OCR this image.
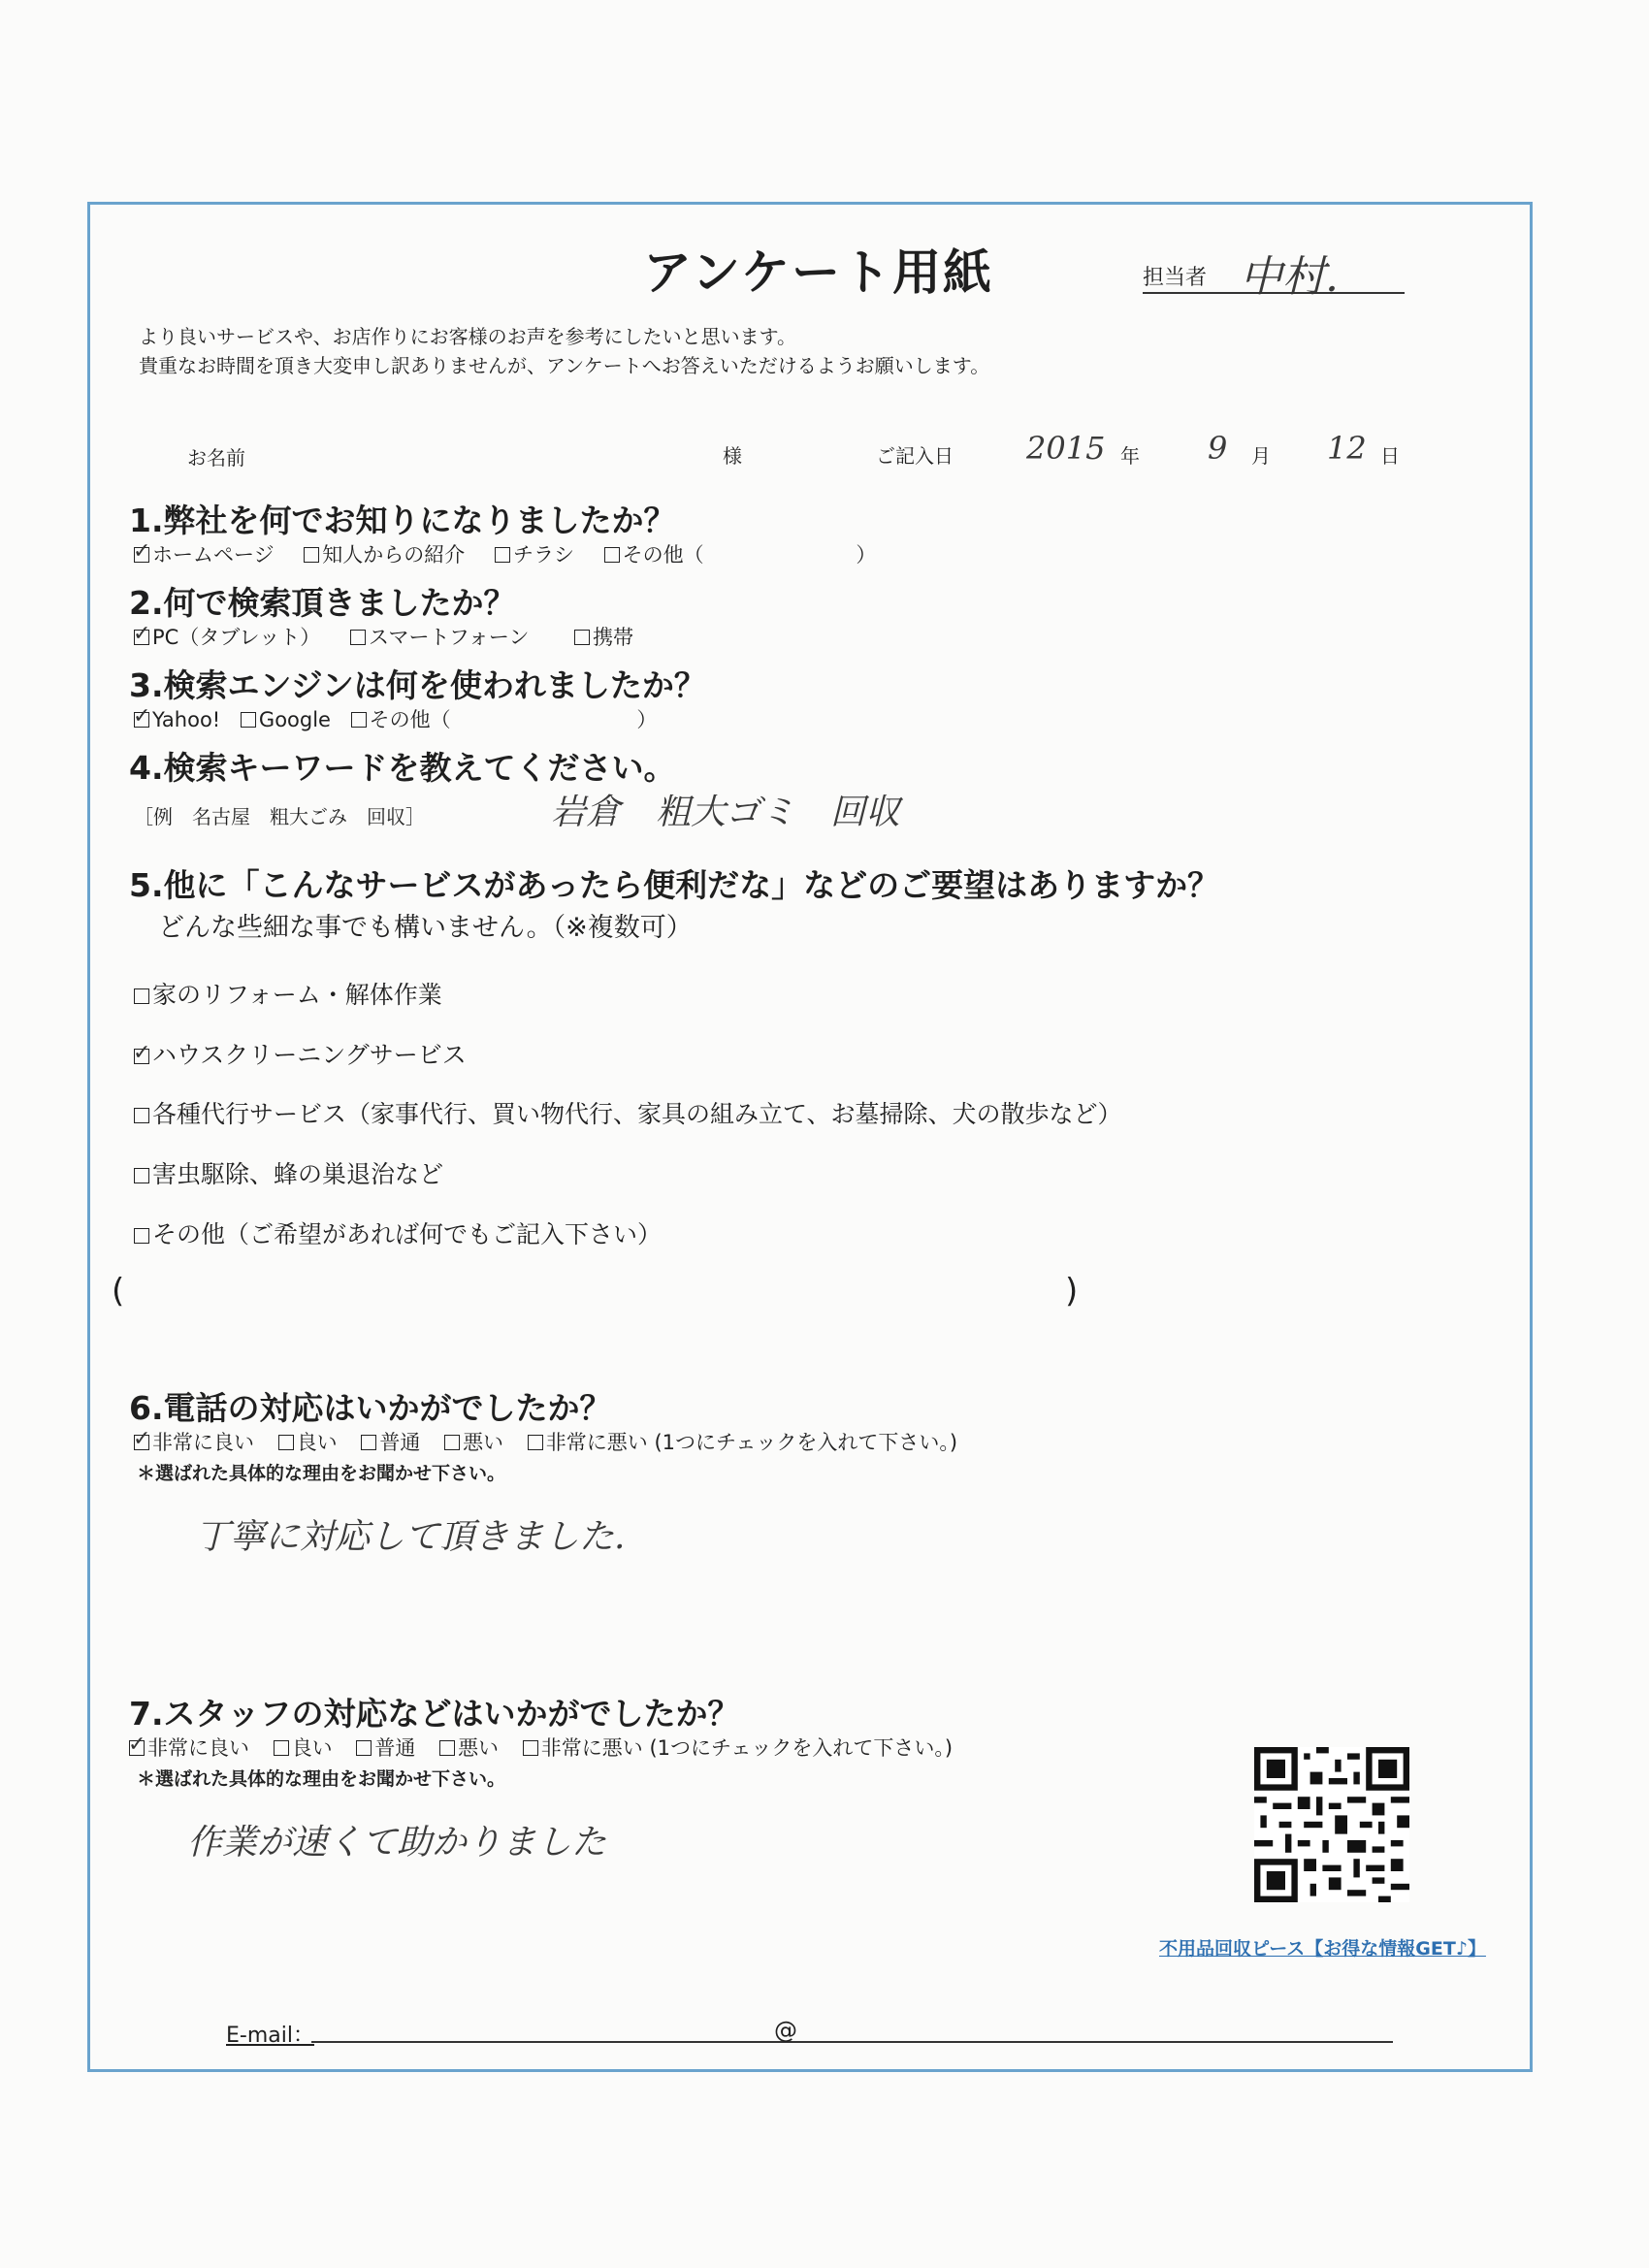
アンケート用紙	担当者 中村.
より良いサービスや、お店作りにお客様のお声を参考にしたいと思います。
貴重なお時間を頂き大変申し訳ありませんが、アンケートへお答えいただけるようお願いします。
お名前	様	ご記入日 2015 年 9 月 12 日
1.弊社を何でお知りになりましたか？
✓ホームページ 知人からの紹介 チラシ その他（	）
2.何で検索頂きましたか？
✓PC（タブレット） スマートフォーン	携帯
3.検索エンジンは何を使われましたか？
✓Yahoo! Google その他（	）
4.検索キーワードを教えてください。
［例　名古屋　粗大ごみ　回収］	岩倉　粗大ゴミ　回収
5.他に「こんなサービスがあったら便利だな」などのご要望はありますか？
どんな些細な事でも構いません。（※複数可）
家のリフォーム・解体作業
✓ハウスクリーニングサービス
各種代行サービス（家事代行、買い物代行、家具の組み立て、お墓掃除、犬の散歩など）
害虫駆除、蜂の巣退治など
その他（ご希望があれば何でもご記入下さい）
(	)
6.電話の対応はいかがでしたか？
✓非常に良い 良い 普通 悪い 非常に悪い (1つにチェックを入れて下さい。)
＊選ばれた具体的な理由をお聞かせ下さい。
丁寧に対応して頂きました.
7.スタッフの対応などはいかがでしたか？
✓非常に良い 良い 普通 悪い 非常に悪い (1つにチェックを入れて下さい。)
＊選ばれた具体的な理由をお聞かせ下さい。
作業が速くて助かりました
不用品回収ピース【お得な情報GET♪】
E-mail：	@
